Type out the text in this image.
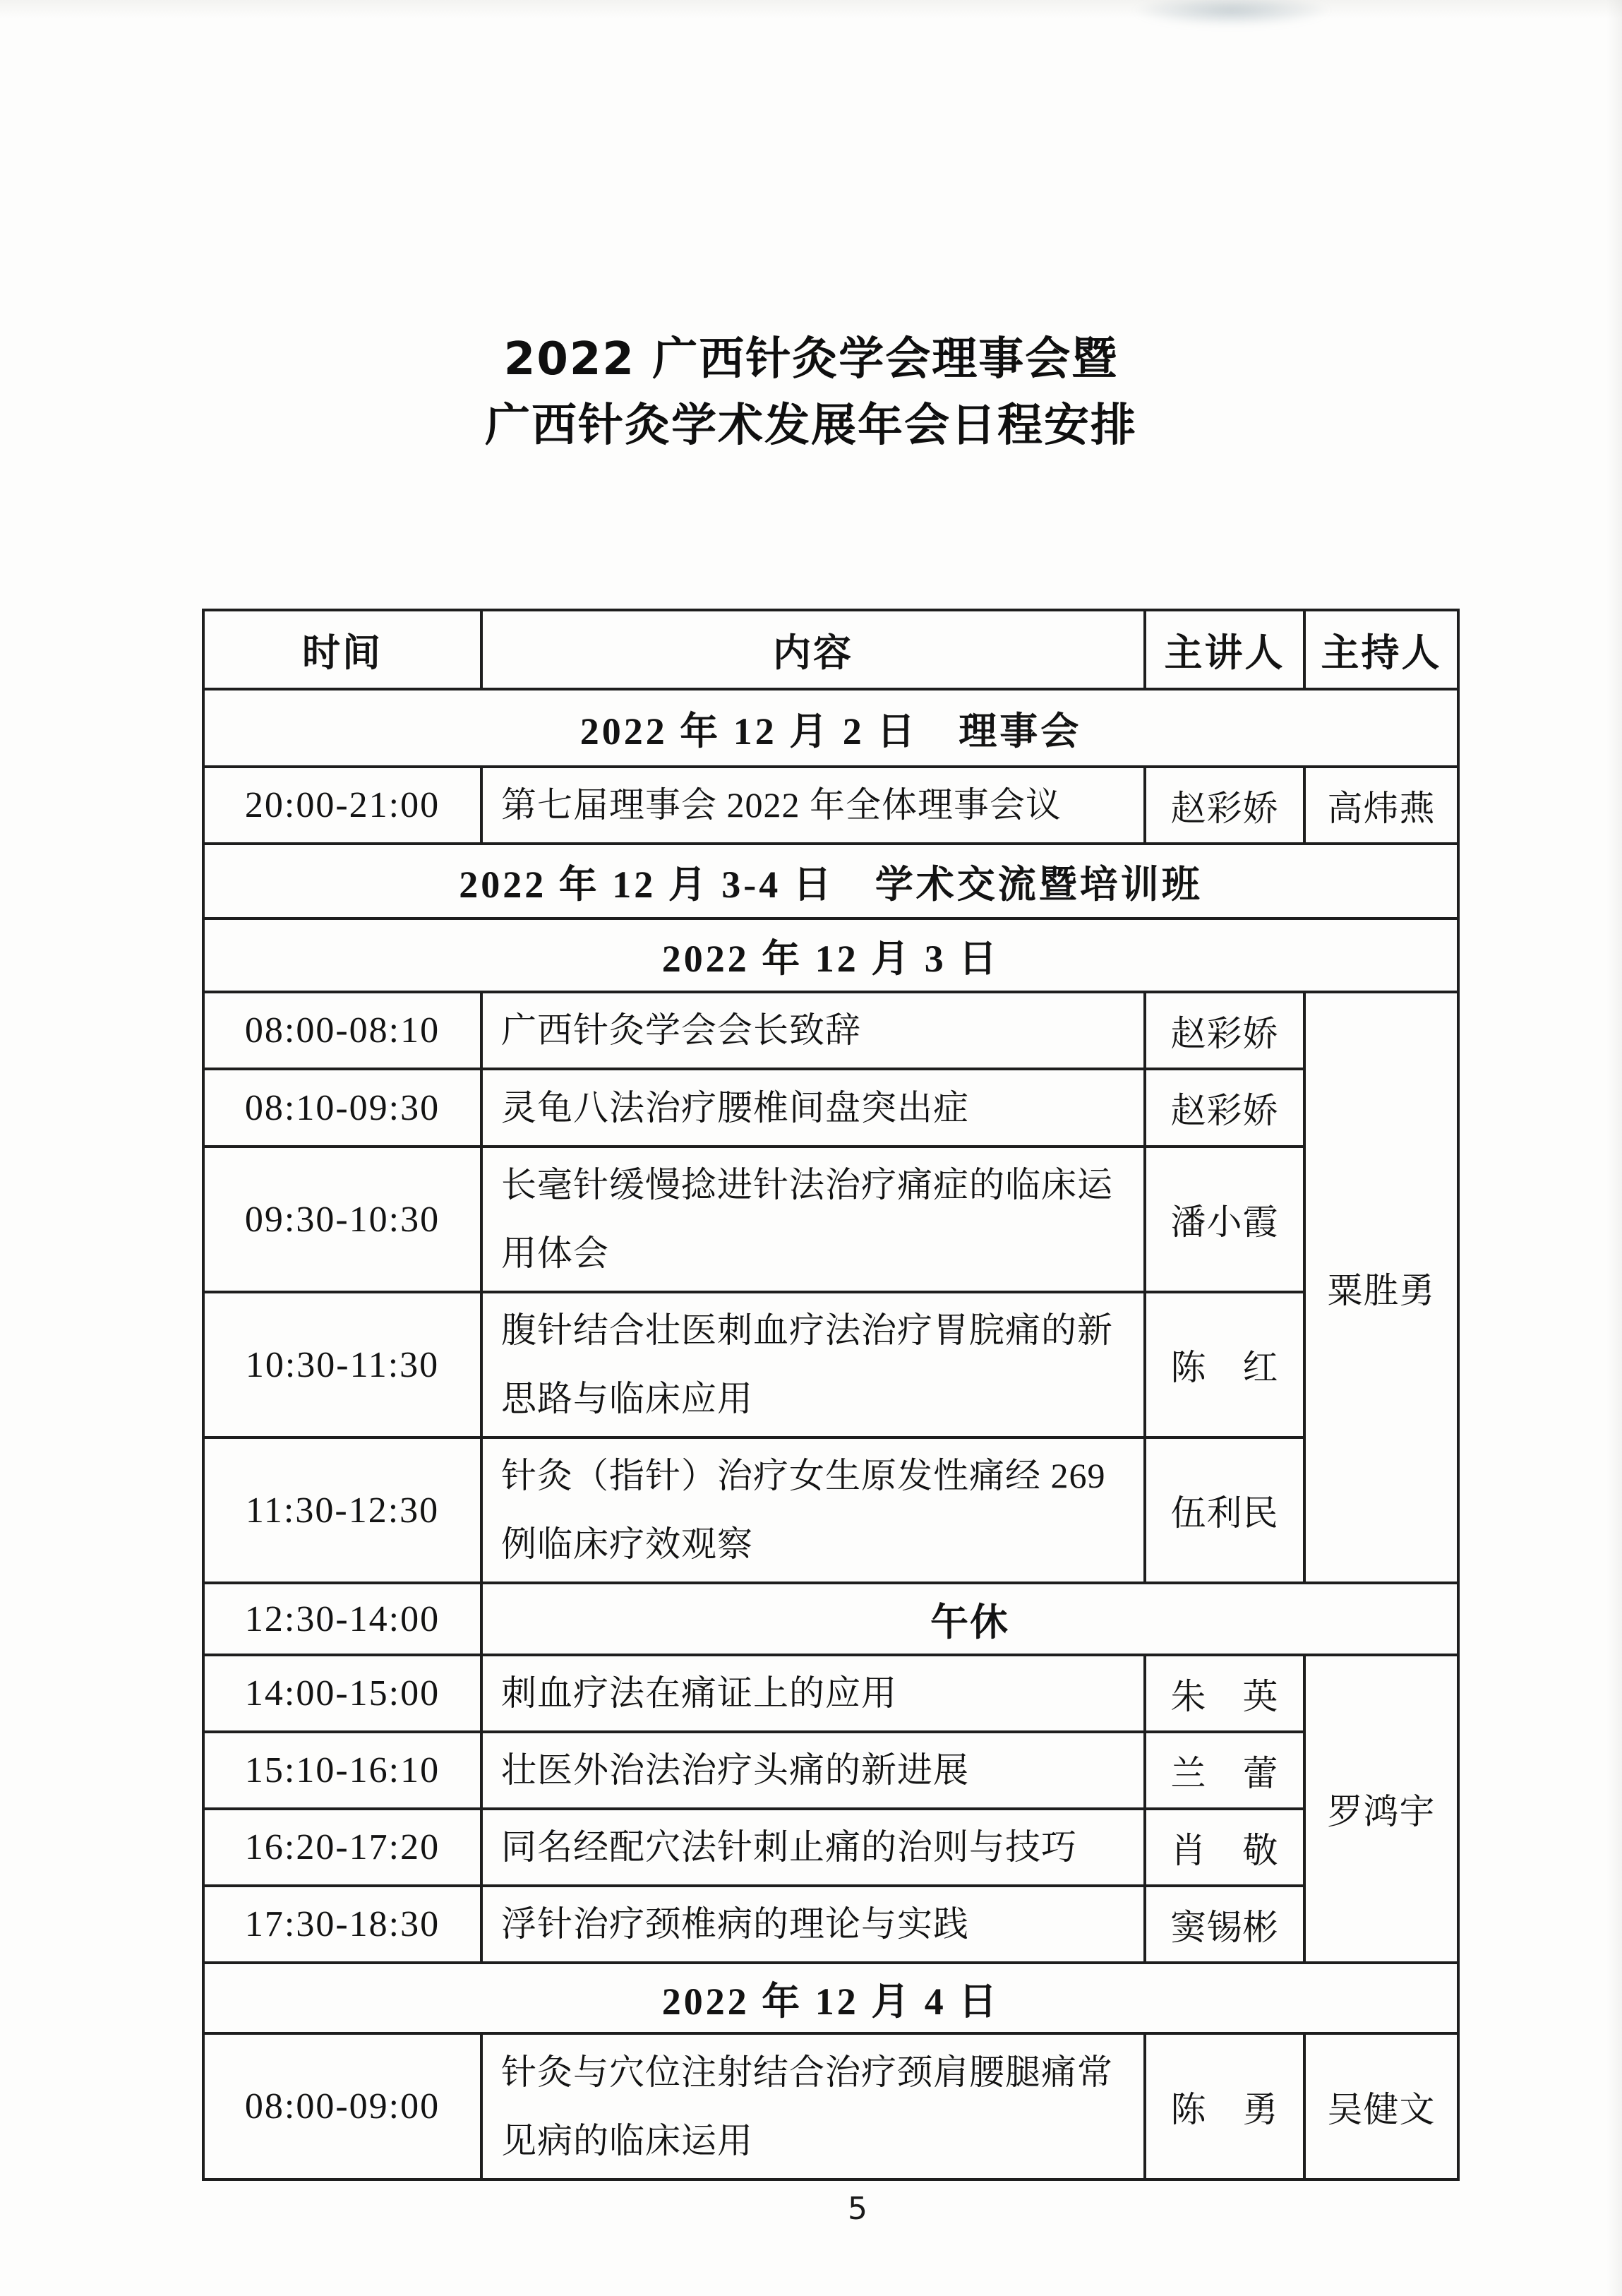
2022 广西针灸学会理事会暨
广西针灸学术发展年会日程安排
时间	内容	主讲人	主持人
2022 年 12 月 2 日　理事会			
20:00-21:00	第七届理事会 2022 年全体理事会议	赵彩娇	高炜燕
2022 年 12 月 3-4 日　学术交流暨培训班			
2022 年 12 月 3 日			
08:00-08:10	广西针灸学会会长致辞	赵彩娇	粟胜勇
08:10-09:30	灵龟八法治疗腰椎间盘突出症	赵彩娇	
09:30-10:30	长毫针缓慢捻进针法治疗痛症的临床运用体会	潘小霞	
10:30-11:30	腹针结合壮医刺血疗法治疗胃脘痛的新思路与临床应用	陈　红	
11:30-12:30	针灸（指针）治疗女生原发性痛经 269 例临床疗效观察	伍利民	
12:30-14:00	午休		
14:00-15:00	刺血疗法在痛证上的应用	朱　英	罗鸿宇
15:10-16:10	壮医外治法治疗头痛的新进展	兰　蕾	
16:20-17:20	同名经配穴法针刺止痛的治则与技巧	肖　敬	
17:30-18:30	浮针治疗颈椎病的理论与实践	窦锡彬	
2022 年 12 月 4 日			
08:00-09:00	针灸与穴位注射结合治疗颈肩腰腿痛常见病的临床运用	陈　勇	吴健文
5
